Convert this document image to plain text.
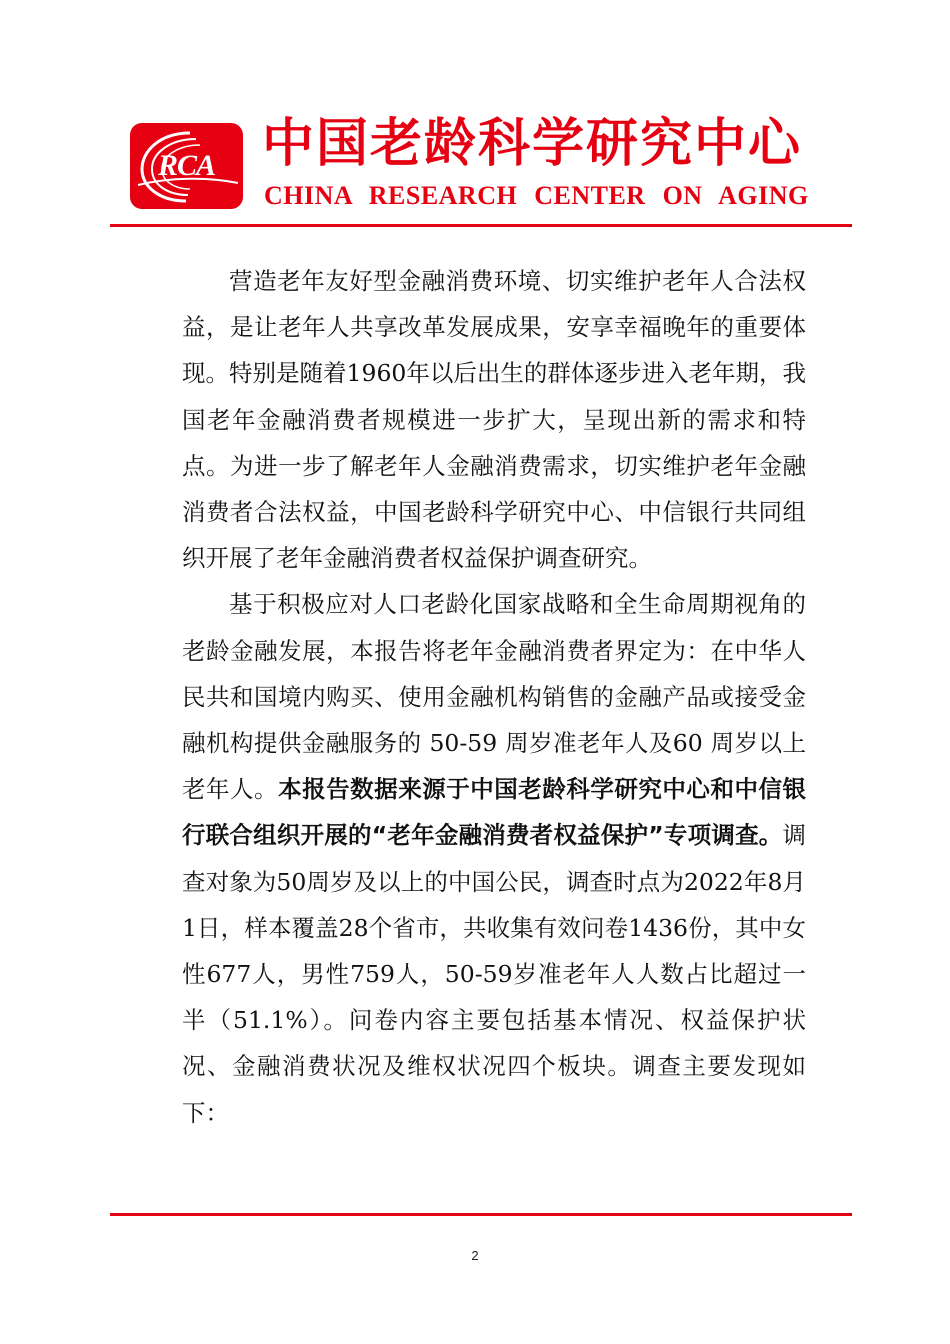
RCA 中国老龄科学研究中心
CHINA RESEARCH CENTER ON AGING

营造老年友好型金融消费环境、切实维护老年人合法权益，是让老年人共享改革发展成果，安享幸福晚年的重要体现。特别是随着1960年以后出生的群体逐步进入老年期，我国老年金融消费者规模进一步扩大，呈现出新的需求和特点。为进一步了解老年人金融消费需求，切实维护老年金融消费者合法权益，中国老龄科学研究中心、中信银行共同组织开展了老年金融消费者权益保护调查研究。

基于积极应对人口老龄化国家战略和全生命周期视角的老龄金融发展，本报告将老年金融消费者界定为：在中华人民共和国境内购买、使用金融机构销售的金融产品或接受金融机构提供金融服务的 50-59 周岁准老年人及60 周岁以上老年人。本报告数据来源于中国老龄科学研究中心和中信银行联合组织开展的“老年金融消费者权益保护”专项调查。调查对象为50周岁及以上的中国公民，调查时点为2022年8月1日，样本覆盖28个省市，共收集有效问卷1436份，其中女性677人，男性759人，50-59岁准老年人人数占比超过一半（51.1%）。问卷内容主要包括基本情况、权益保护状况、金融消费状况及维权状况四个板块。调查主要发现如下：

2
